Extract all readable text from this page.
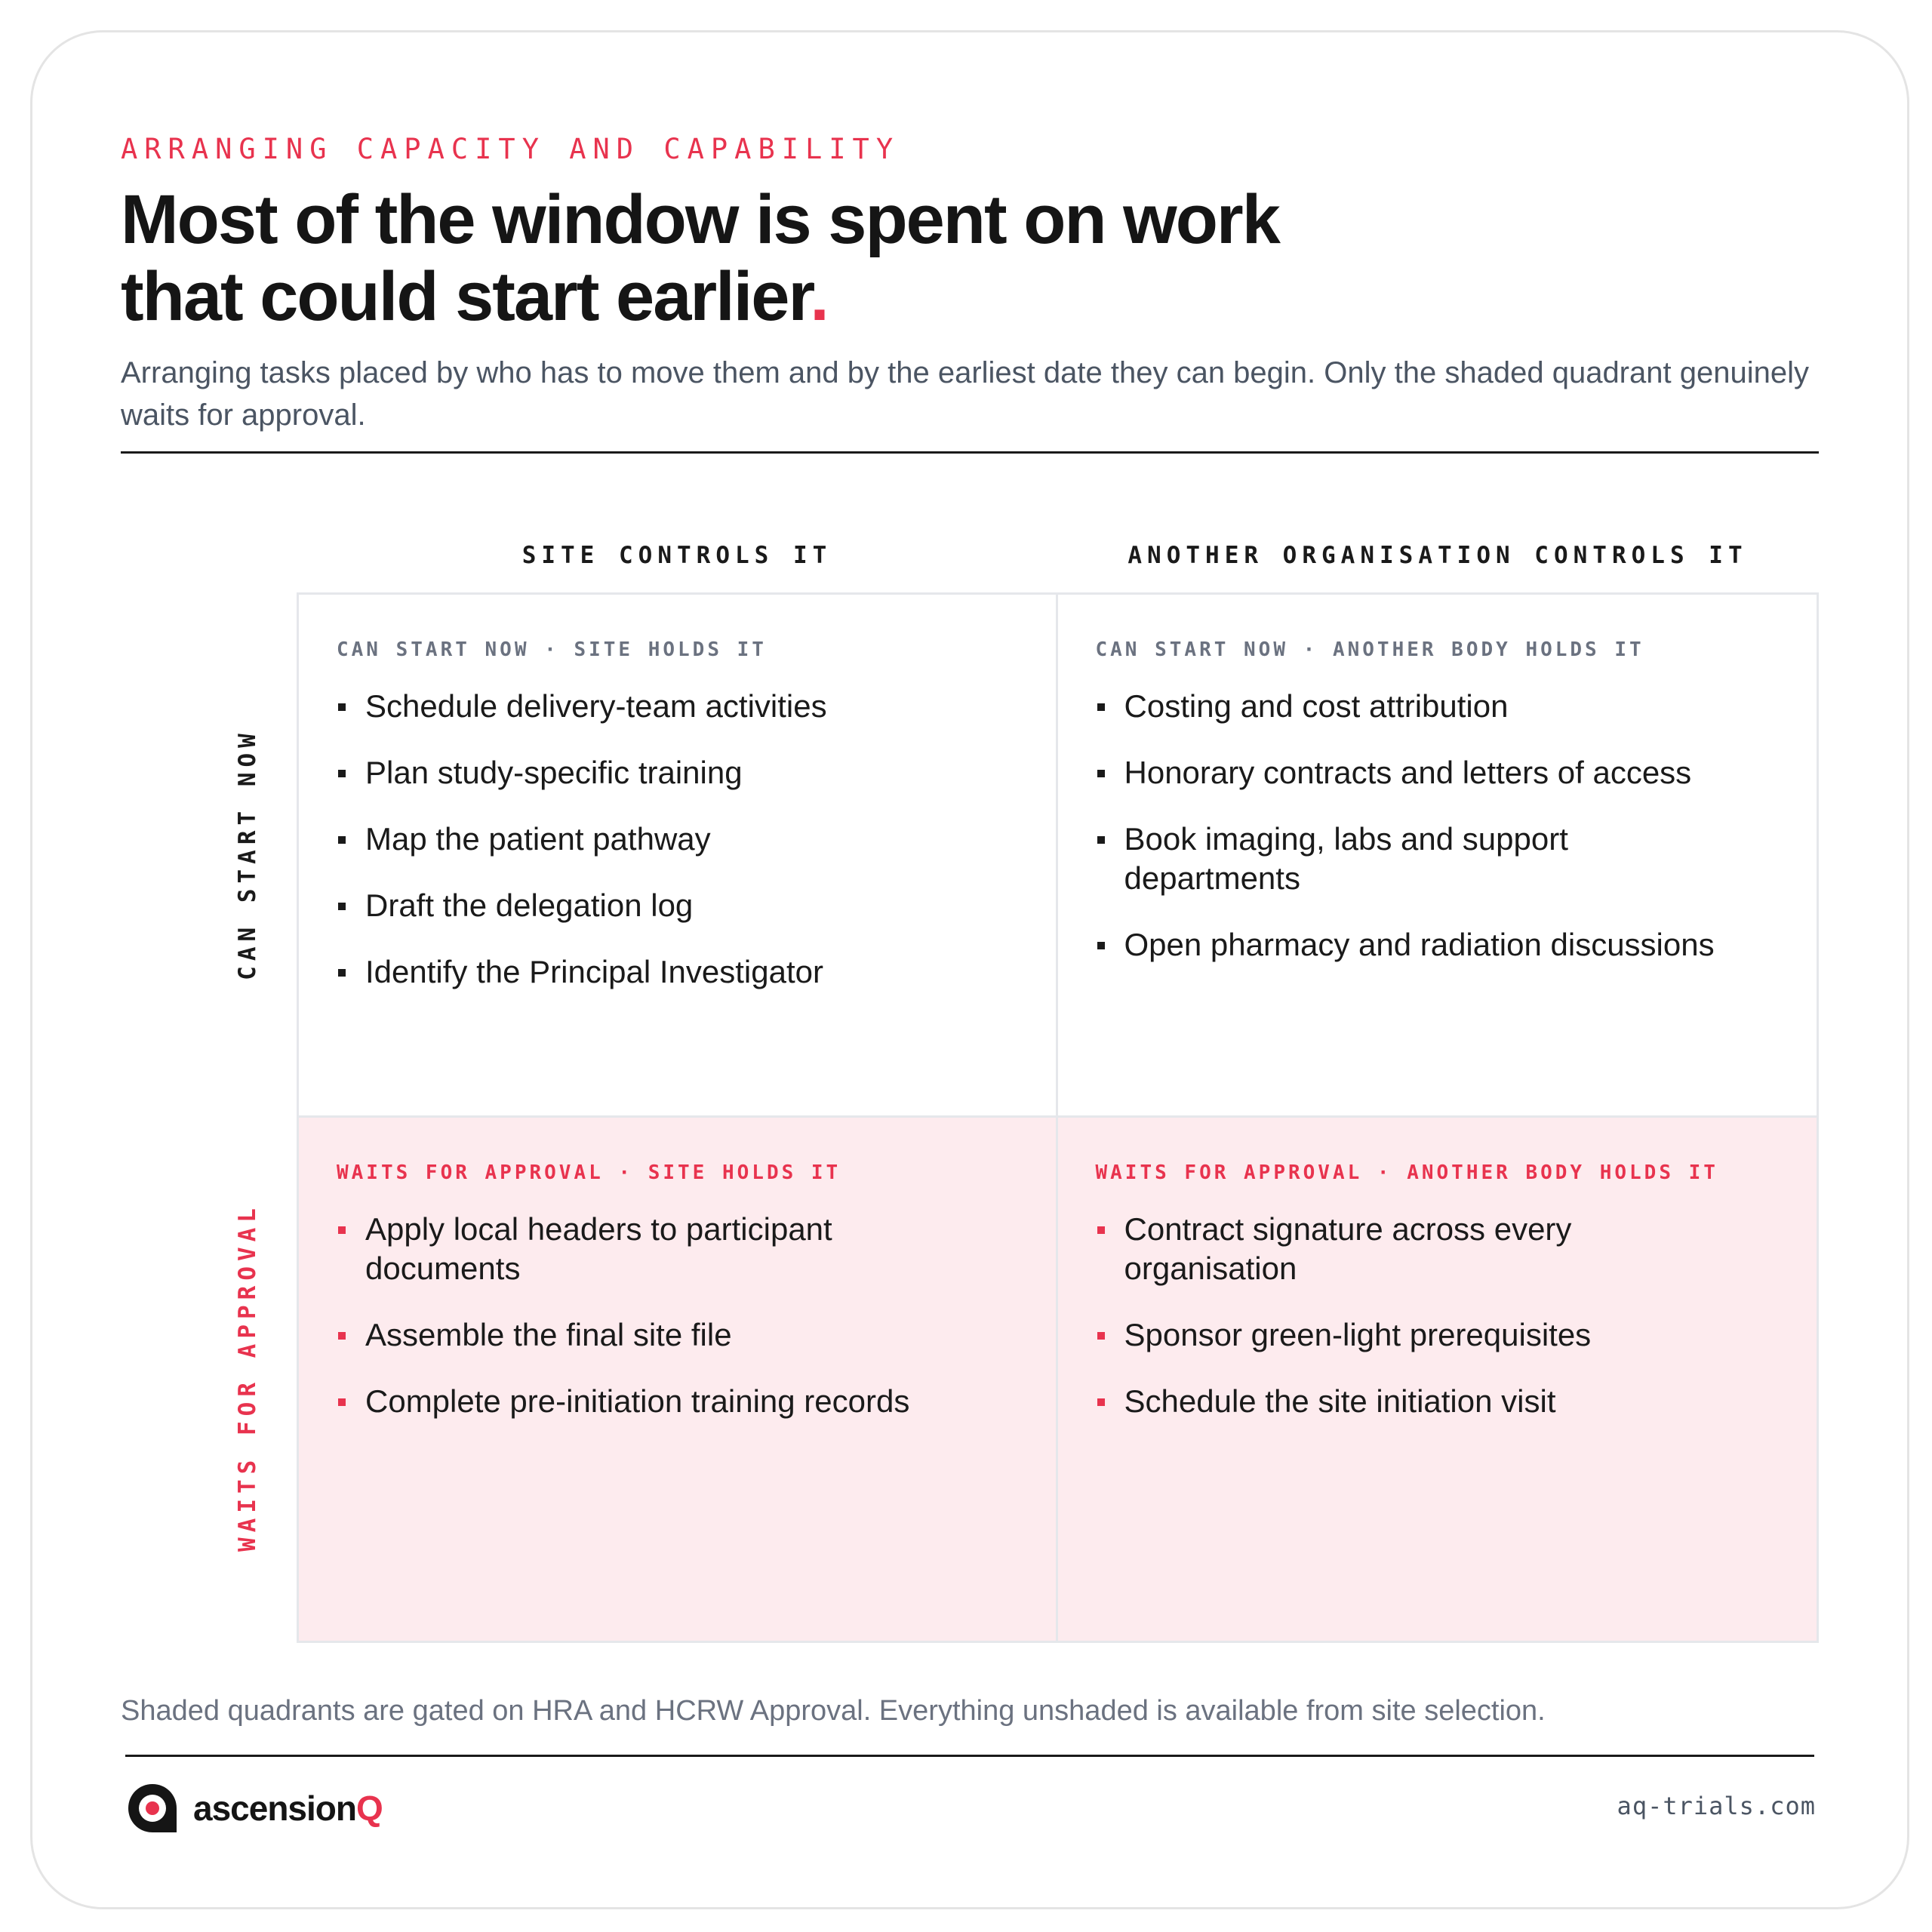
ARRANGING CAPACITY AND CAPABILITY
Most of the window is spent on work
that could start earlier.

Arranging tasks placed by who has to move them and by the earliest date they can begin. Only the shaded quadrant genuinely waits for approval.

SITE CONTROLS IT	ANOTHER ORGANISATION CONTROLS IT
CAN START NOW
WAITS FOR APPROVAL
CAN START NOW · SITE HOLDS IT
Schedule delivery-team activities
Plan study-specific training
Map the patient pathway
Draft the delegation log
Identify the Principal Investigator
CAN START NOW · ANOTHER BODY HOLDS IT
Costing and cost attribution
Honorary contracts and letters of access
Book imaging, labs and support departments
Open pharmacy and radiation discussions
WAITS FOR APPROVAL · SITE HOLDS IT
Apply local headers to participant documents
Assemble the final site file
Complete pre-initiation training records
WAITS FOR APPROVAL · ANOTHER BODY HOLDS IT
Contract signature across every organisation
Sponsor green-light prerequisites
Schedule the site initiation visit

Shaded quadrants are gated on HRA and HCRW Approval. Everything unshaded is available from site selection.

ascensionQ	aq-trials.com
